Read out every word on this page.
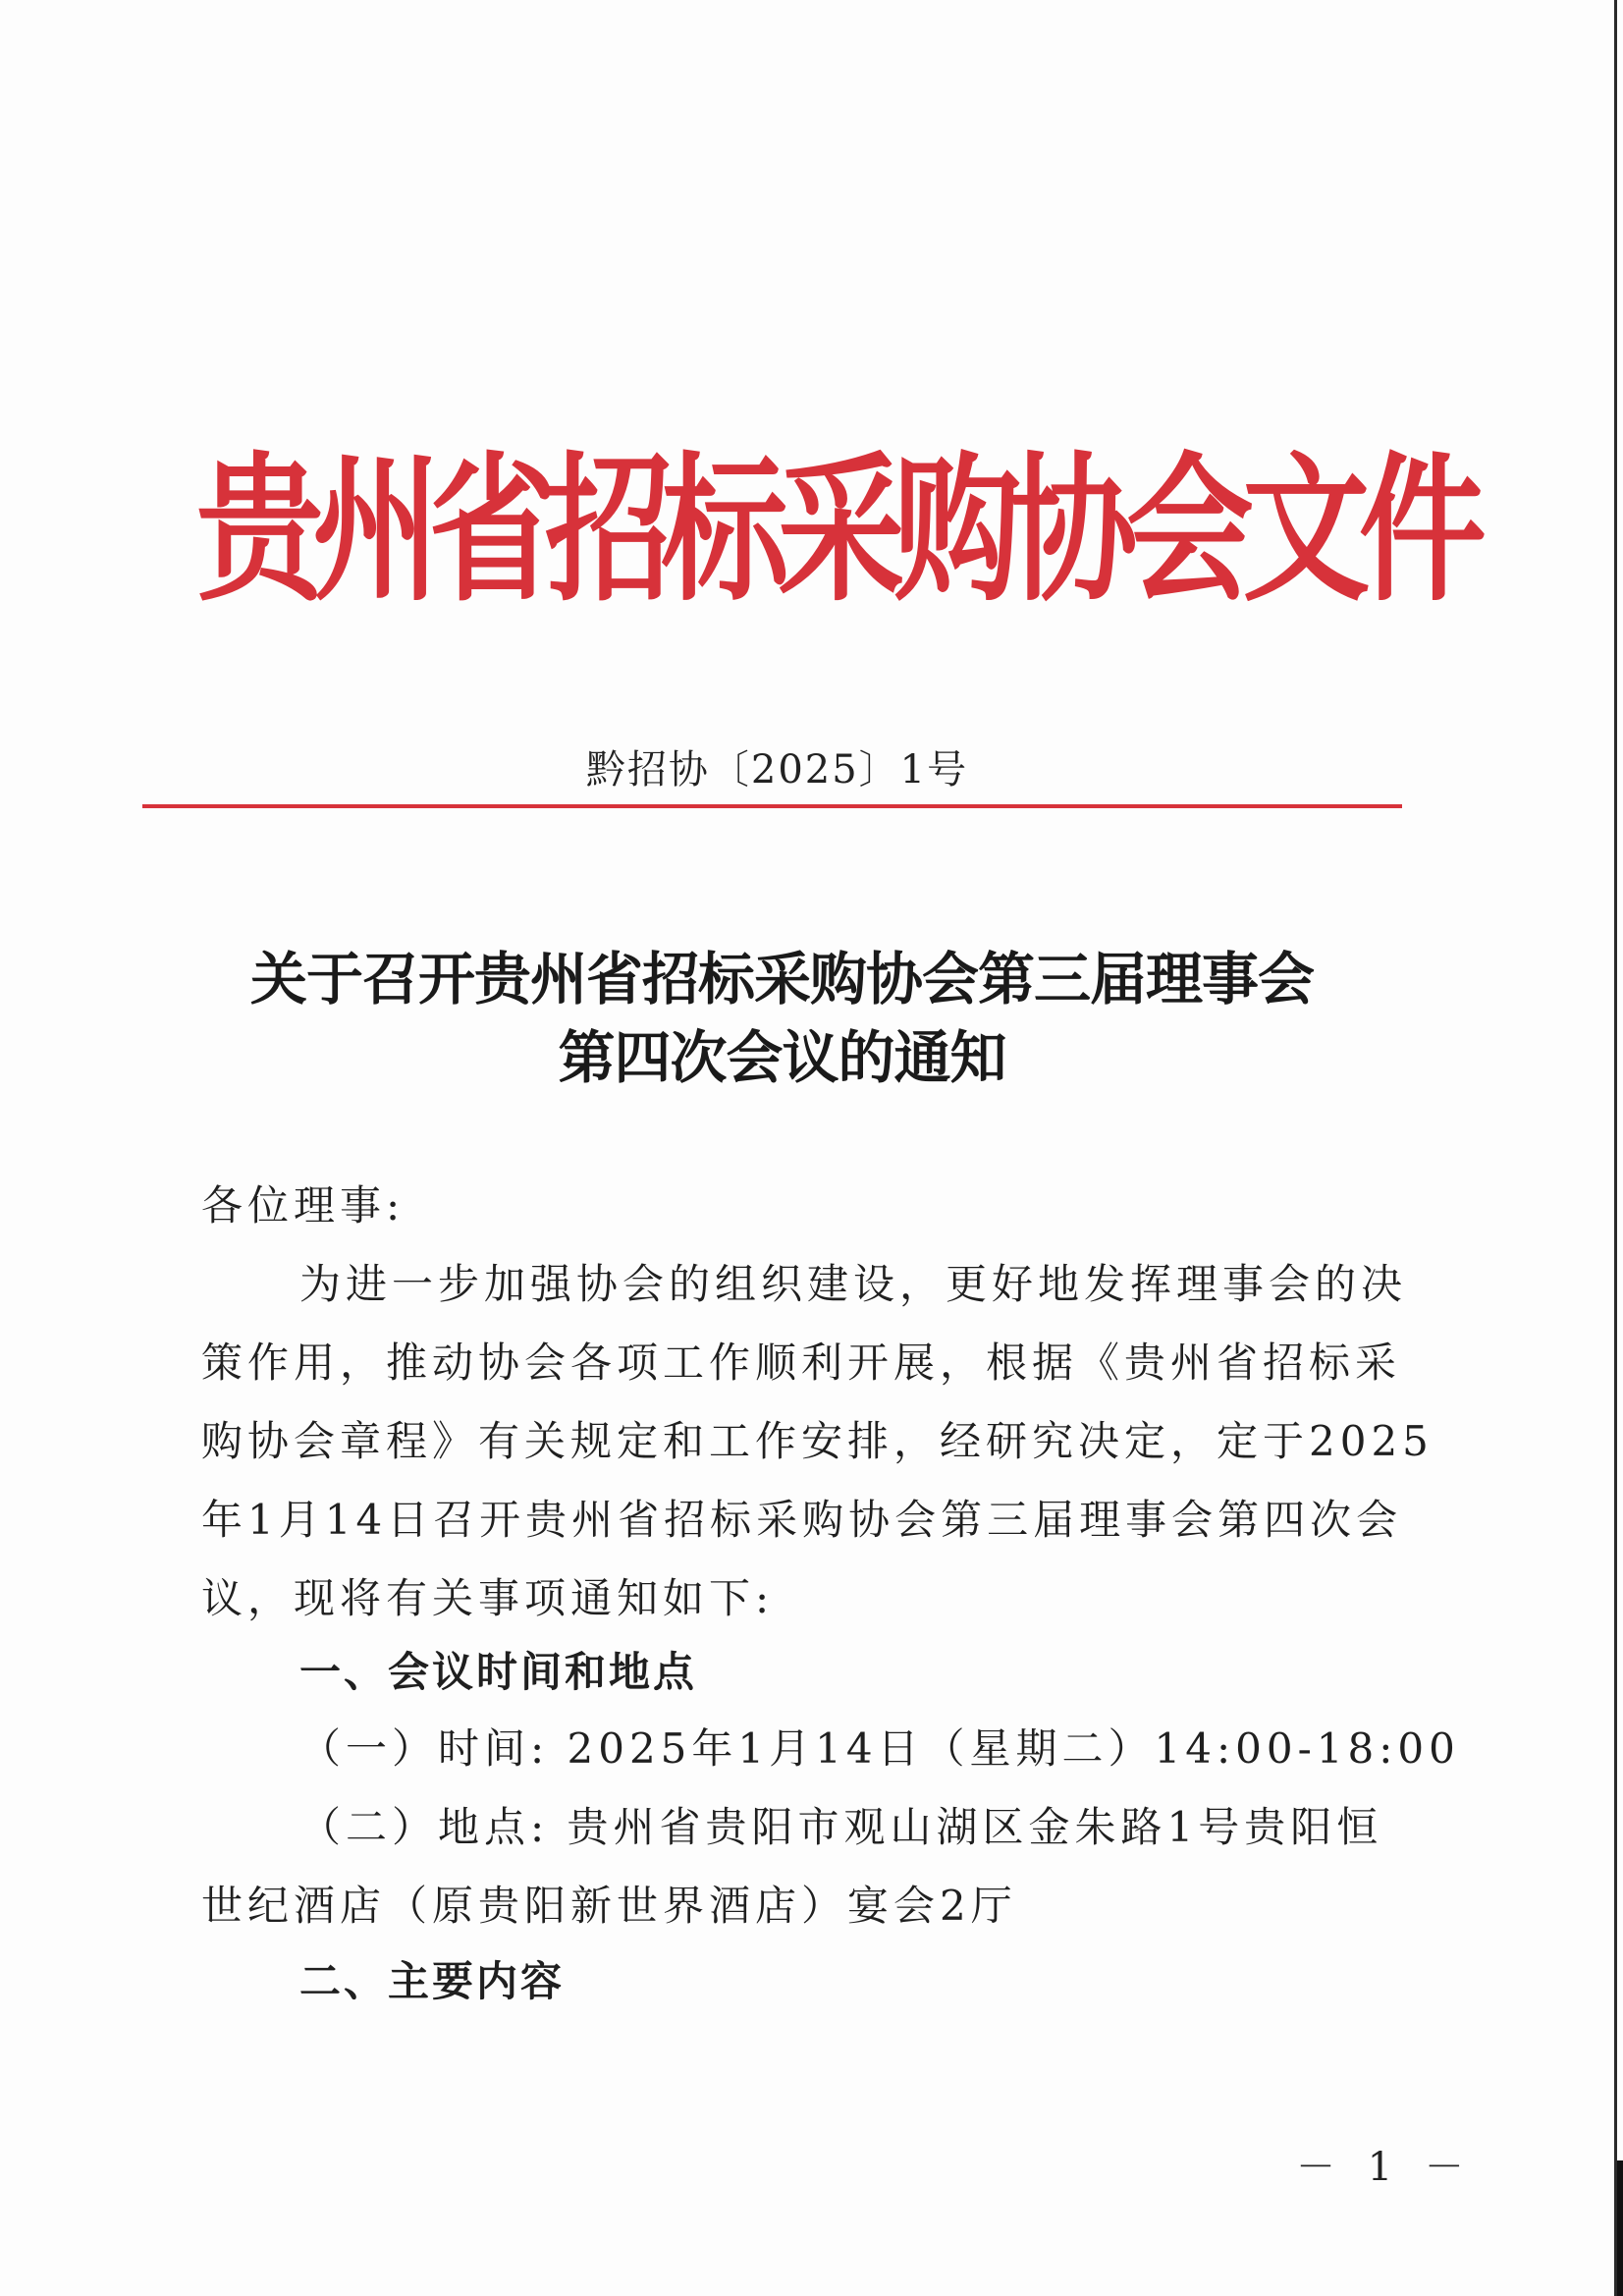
贵州省招标采购协会文件
黔招协〔2025〕1号
关于召开贵州省招标采购协会第三届理事会
第四次会议的通知
各位理事:
为进一步加强协会的组织建设，更好地发挥理事会的决
策作用，推动协会各项工作顺利开展，根据《贵州省招标采
购协会章程》有关规定和工作安排，经研究决定，定于2025
年1月14日召开贵州省招标采购协会第三届理事会第四次会
议，现将有关事项通知如下:
一、会议时间和地点
（一）时间: 2025年1月14日（星期二）14:00-18:00
（二）地点: 贵州省贵阳市观山湖区金朱路1号贵阳恒
世纪酒店（原贵阳新世界酒店）宴会2厅
二、主要内容
－ 1 －
